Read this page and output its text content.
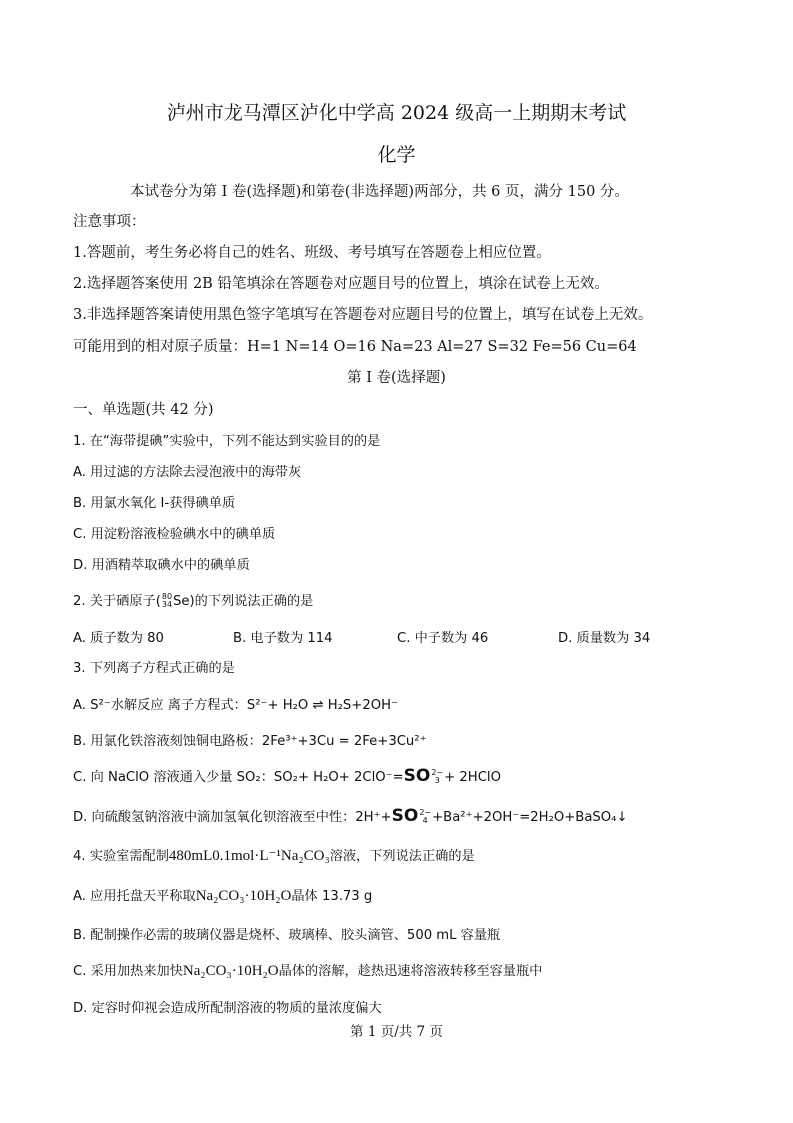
泸州市龙马潭区泸化中学高 2024 级高一上期期末考试
化学
本试卷分为第 I 卷(选择题)和第卷(非选择题)两部分，共 6 页，满分 150 分。
注意事项：
1.答题前，考生务必将自己的姓名、班级、考号填写在答题卷上相应位置。
2.选择题答案使用 2B 铅笔填涂在答题卷对应题目号的位置上，填涂在试卷上无效。
3.非选择题答案请使用黑色签字笔填写在答题卷对应题目号的位置上，填写在试卷上无效。
可能用到的相对原子质量：H=1 N=14 O=16 Na=23 Al=27 S=32 Fe=56 Cu=64
第 I 卷(选择题)
一、单选题(共 42 分)
1. 在“海带提碘”实验中，下列不能达到实验目的的是
A. 用过滤的方法除去浸泡液中的海带灰
B. 用氯水氧化 I-获得碘单质
C. 用淀粉溶液检验碘水中的碘单质
D. 用酒精萃取碘水中的碘单质
2. 关于硒原子(80
34Se)的下列说法正确的是
A. 质子数为 80	B. 电子数为 114	C. 中子数为 46	D. 质量数为 34
3. 下列离子方程式正确的是
A. S²⁻水解反应 离子方程式：S²⁻+ H₂O ⇌ H₂S+2OH⁻
B. 用氯化铁溶液刻蚀铜电路板：2Fe³⁺+3Cu = 2Fe+3Cu²⁺
C. 向 NaClO 溶液通入少量 SO₂：SO₂+ H₂O+ 2ClO⁻=SO2−
3 + 2HClO
D. 向硫酸氢钠溶液中滴加氢氧化钡溶液至中性：2H⁺+SO2−
4 +Ba²⁺+2OH⁻=2H₂O+BaSO₄↓
4. 实验室需配制480mL0.1mol·L⁻¹Na₂CO₃溶液，下列说法正确的是
A. 应用托盘天平称取Na₂CO₃·10H₂O晶体 13.73 g
B. 配制操作必需的玻璃仪器是烧杯、玻璃棒、胶头滴管、500 mL 容量瓶
C. 采用加热来加快Na₂CO₃·10H₂O晶体的溶解，趁热迅速将溶液转移至容量瓶中
D. 定容时仰视会造成所配制溶液的物质的量浓度偏大
第 1 页/共 7 页
